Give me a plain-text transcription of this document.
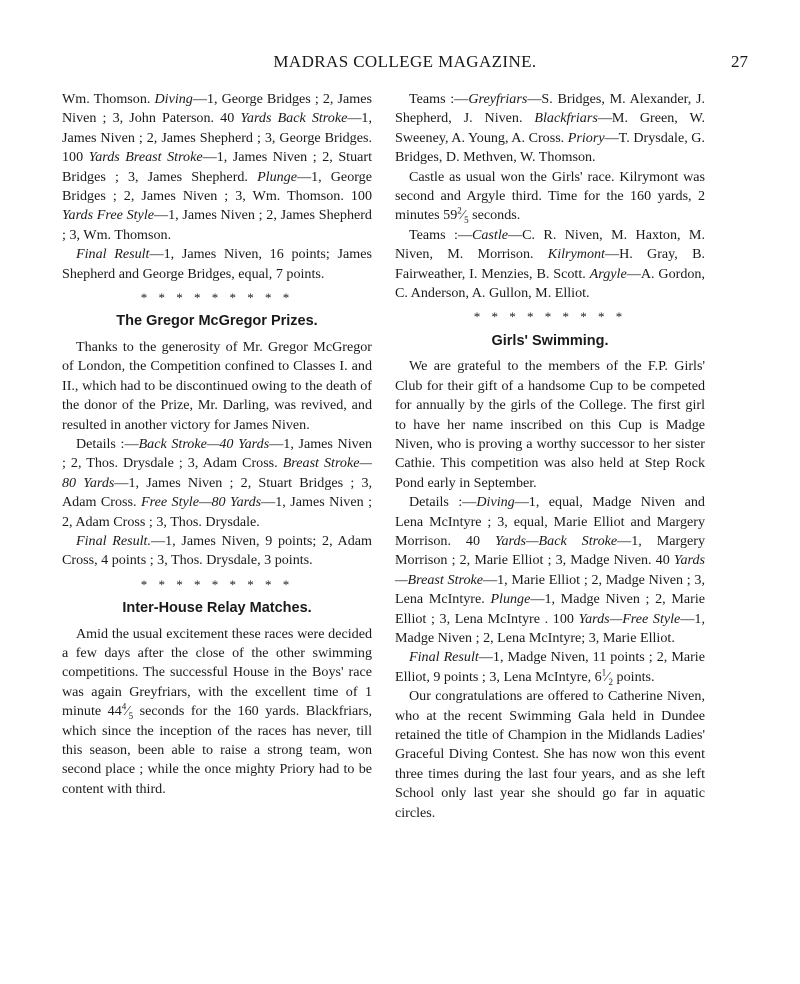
MADRAS COLLEGE MAGAZINE.	27

Wm. Thomson. Diving—1, George Bridges ; 2, James Niven ; 3, John Paterson. 40 Yards Back Stroke—1, James Niven ; 2, James Shepherd ; 3, George Bridges. 100 Yards Breast Stroke—1, James Niven ; 2, Stuart Bridges ; 3, James Shepherd. Plunge—1, George Bridges ; 2, James Niven ; 3, Wm. Thomson. 100 Yards Free Style—1, James Niven ; 2, James Shepherd ; 3, Wm. Thomson.

Final Result—1, James Niven, 16 points; James Shepherd and George Bridges, equal, 7 points.

* * * * * * * * *
The Gregor McGregor Prizes.

Thanks to the generosity of Mr. Gregor McGregor of London, the Competition confined to Classes I. and II., which had to be discontinued owing to the death of the donor of the Prize, Mr. Darling, was revived, and resulted in another victory for James Niven.

Details :—Back Stroke—40 Yards—1, James Niven ; 2, Thos. Drysdale ; 3, Adam Cross. Breast Stroke—80 Yards—1, James Niven ; 2, Stuart Bridges ; 3, Adam Cross. Free Style—80 Yards—1, James Niven ; 2, Adam Cross ; 3, Thos. Drysdale.

Final Result.—1, James Niven, 9 points; 2, Adam Cross, 4 points ; 3, Thos. Drysdale, 3 points.

* * * * * * * * *
Inter-House Relay Matches.

Amid the usual excitement these races were decided a few days after the close of the other swimming competitions. The successful House in the Boys' race was again Greyfriars, with the excellent time of 1 minute $44^4⁄_5$ seconds for the 160 yards. Blackfriars, which since the inception of the races has never, till this season, been able to raise a strong team, won second place ; while the once mighty Priory had to be content with third.

Teams :—Greyfriars—S. Bridges, M. Alexander, J. Shepherd, J. Niven. Blackfriars—M. Green, W. Sweeney, A. Young, A. Cross. Priory—T. Drysdale, G. Bridges, D. Methven, W. Thomson.

Castle as usual won the Girls' race. Kilrymont was second and Argyle third. Time for the 160 yards, 2 minutes $59^2⁄_5$ seconds.

Teams :—Castle—C. R. Niven, M. Haxton, M. Niven, M. Morrison. Kilrymont—H. Gray, B. Fairweather, I. Menzies, B. Scott. Argyle—A. Gordon, C. Anderson, A. Gullon, M. Elliot.

* * * * * * * * *
Girls' Swimming.

We are grateful to the members of the F.P. Girls' Club for their gift of a handsome Cup to be competed for annually by the girls of the College. The first girl to have her name inscribed on this Cup is Madge Niven, who is proving a worthy successor to her sister Cathie. This competition was also held at Step Rock Pond early in September.

Details :—Diving—1, equal, Madge Niven and Lena McIntyre ; 3, equal, Marie Elliot and Margery Morrison. 40 Yards—Back Stroke—1, Margery Morrison ; 2, Marie Elliot ; 3, Madge Niven. 40 Yards—Breast Stroke—1, Marie Elliot ; 2, Madge Niven ; 3, Lena McIntyre. Plunge—1, Madge Niven ; 2, Marie Elliot ; 3, Lena McIntyre . 100 Yards—Free Style—1, Madge Niven ; 2, Lena McIntyre; 3, Marie Elliot.

Final Result—1, Madge Niven, 11 points ; 2, Marie Elliot, 9 points ; 3, Lena McIntyre, $6^1⁄_2$ points.

Our congratulations are offered to Catherine Niven, who at the recent Swimming Gala held in Dundee retained the title of Champion in the Midlands Ladies' Graceful Diving Contest. She has now won this event three times during the last four years, and as she left School only last year she should go far in aquatic circles.
